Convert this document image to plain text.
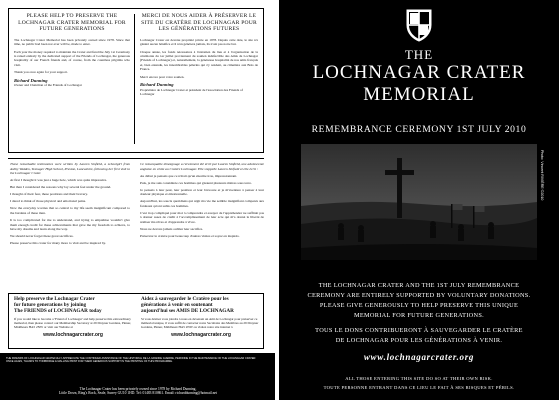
PLEASE HELP TO PRESERVE THE LOCHNAGAR CRATER MEMORIAL FOR FUTURE GENERATIONS

The Lochnagar Crater Memorial has been privately owned since 1978. Since that time, no public had been nor ever will be, made to enter.

Each year the money required to maintain the Crater and fund the July 1st Ceremony is raised entirely by the dedicated support of the Friends of Lochnagar, the generous hospitality of our French friends and, of course, from the countless pilgrims who visit.

Thank you once again for your support.

Richard Dunning
Owner and Chairman of the Friends of Lochnagar
MERCI DE NOUS AIDER À PRÉSERVER LE SITE DU CRATÈRE DE LOCHNAGAR POUR LES GÉNÉRATIONS FUTURES

Lochnagar Crater est devenu propriété privée en 1978. Depuis cette date, le site n'a généré aucun bénéfice et il n'en générera jamais, ils n'ont pas notre but.

Chaque année, les fonds nécessaires à l'entretien du lieu et à l'organisation de la cérémonie du 1er juillet proviennent du soutien indéfectible des Amis de Lochnagar (Friends of Lochnagar) et, naturellement, la généreuse hospitalité de nos amis français et, bien entendu, les innombrables pèlerins qui s'y rendent, au cimetière aux Bois de France.

Merci encore pour votre soutien.

Richard Dunning
Propriétaire de Lochnagar Crater et président de l'association des Friends of Lochnagar

These remarkable testimonies were written by Lauren Sinfield, a schoolgirl from Ashby Walden, Teenager High School, Preston, Lancashire, following her first visit to the Lochnagar Crater.

At first I thought it was just a huge hole, which was quite impressive.

But then I considered the reasons why lay several feet under the ground.

I thought of their fear, these positions and their bravery.

I dared to think of those physical and emotional pains.

Now the everyday worries that so central to my life seem insignificant compared to the burdens of these men.

It is too complicated for me to understand, and trying to empathise wouldn't give them enough credit for these achievements that gave me my freedom to achieve, to have my dreams and learn along the way.

We should never forget these great sacrifices.

Please preserve this crater for many more to visit and be inspired by.

Ce remarquable témoignage a récemment été écrit par Lauren Sinfield, une adolescente anglaise en visite au Cratère Lochnagar. Elle s'appelle Lauren Sinfield et elle écrit :

Au début je pensais que ce n'était qu'un énorme trou, impressionnant.

Puis, je me suis considérée ces hommes qui gisaient plusieurs mètres sous terre.

Je pensais à leur peur, leur position et leur bravoure et je m'aventure à penser à leur douleur physique et émotionnelle.

Aujourd'hui, les soucis quotidiens qui régit ma vie me semble insignifiant comparés aux fardeaux qu'ont subis ces hommes.

C'est trop compliqué pour moi à comprendre et essayer de l'appréhender ne suffirait pas à donner assez de crédit à l'accomplissement de leur acte qui m'a donné la liberté de réaliser ma rêves et d'apprendre à vivre.

Nous ne devons jamais oublier leur sacrifice.

Préservez le cratère pour beaucoup d'autres visites et soyez en inspirés.

Help preserve the Lochnagar Crater
for future generations by joining
The FRIENDS of LOCHNAGAR today
If you would like to become a 'Friend of Lochnagar' and help preserve this extraordinary memorial, then please contact our Membership Secretary at 29 Drayner Gardens, Pinner, Middlesex HA5 2NW or visit our Website at
www.lochnagarcrater.org
Aidez à sauvegarder le Cratère pour les
générations à venir en soutenant
aujourd'hui ses AMIS DE LOCHNAGAR
Si vous désirez vous joindre à nous en devenant un Ami de Lochnagar pour préserver ce mémorial unique, il vous suffit de contacter notre Secrétaire des Membres au 29 Drayner Gardens, Pinner, Middlesex HA5 2NW ou visitez notre site internet à
www.lochnagarcrater.org
THE FRIENDS OF LOCHNAGAR GRATEFULLY APPRECIATE THE CONTINUED ASSISTANCE OF THE HISTORIAL DE LA GRANDE GUERRE, PERONNE IN THE MAINTENANCE OF THE LOCHNAGAR CRATER.
ONCE AGAIN, THANKS TO TONBRIDGE & MALLING PRINT FOR THEIR GENEROUS SUPPORT IN THE PRINTING OF THIS PROGRAMME.
The Lochnagar Crater has been privately owned since 1978 by Richard Dunning,
Little Down, Ring's Rock, Seale, Surrey GU10 1HD. Tel: 01483 810861. Email: richarddunning@hotmail.net
THE
LOCHNAGAR CRATER
MEMORIAL
REMEMBRANCE CEREMONY 1ST JULY 2010
Photo: Vincent RIVIÈRE ©2010
THE LOCHNAGAR CRATER AND THE 1ST JULY REMEMBRANCE
CEREMONY ARE ENTIRELY SUPPORTED BY VOLUNTARY DONATIONS.
PLEASE GIVE GENEROUSLY TO HELP PRESERVE THIS UNIQUE
MEMORIAL FOR FUTURE GENERATIONS.
TOUS LE DONS CONTRIBUERONT À SAUVEGARDER LE CRATÈRE
DE LOCHNAGAR POUR LES GÉNÉRATIONS À VENIR.
www.lochnagarcrater.org
ALL THOSE ENTERING THIS SITE DO SO AT THEIR OWN RISK.
TOUTE PERSONNE ENTRANT DANS CE LIEU LE FAIT À SES RISQUES ET PÉRILS.
